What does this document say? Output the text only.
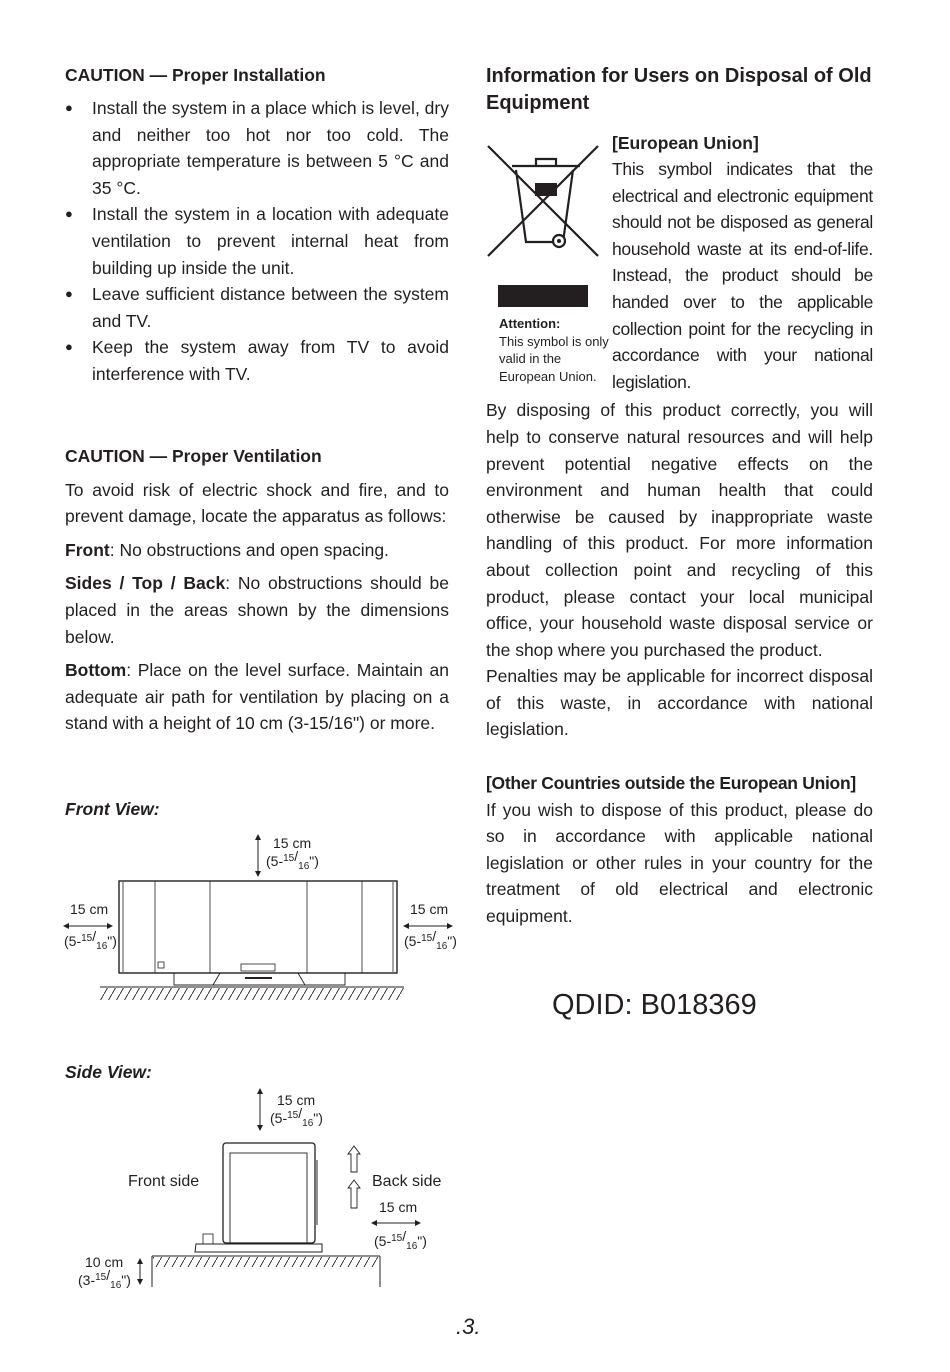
CAUTION — Proper Installation

● Install the system in a place which is level, dry and neither too hot nor too cold. The appropriate temperature is between 5 °C and 35 °C.

● Install the system in a location with adequate ventilation to prevent internal heat from building up inside the unit.

● Leave sufficient distance between the system and TV.

● Keep the system away from TV to avoid interference with TV.

CAUTION — Proper Ventilation

To avoid risk of electric shock and fire, and to prevent damage, locate the apparatus as follows:

Front: No obstructions and open spacing.

Sides / Top / Back: No obstructions should be placed in the areas shown by the dimensions below.

Bottom: Place on the level surface. Maintain an adequate air path for ventilation by placing on a stand with a height of 10 cm (3-15/16") or more.

Front View:
Side View:
15 cm
$(5-^{15}/_{16}")$
15 cm
$(5-^{15}/_{16}")$
15 cm
$(5-^{15}/_{16}")$
15 cm
$(5-^{15}/_{16}")$
Front side	Back side
15 cm
$(5-^{15}/_{16}")$
10 cm
$(3-^{15}/_{16}")$
Information for Users on Disposal of Old Equipment
Attention:
This symbol is only valid in the European Union.
[European Union]
This symbol indicates that the electrical and electronic equipment should not be disposed as general household waste at its end-of-life. Instead, the product should be handed over to the applicable collection point for the recycling in accordance with your national legislation.

By disposing of this product correctly, you will help to conserve natural resources and will help prevent potential negative effects on the environment and human health that could otherwise be caused by inappropriate waste handling of this product. For more information about collection point and recycling of this product, please contact your local municipal office, your household waste disposal service or the shop where you purchased the product.

Penalties may be applicable for incorrect disposal of this waste, in accordance with national legislation.

[Other Countries outside the European Union]
If you wish to dispose of this product, please do so in accordance with applicable national legislation or other rules in your country for the treatment of old electrical and electronic equipment.
QDID: B018369
.3.
